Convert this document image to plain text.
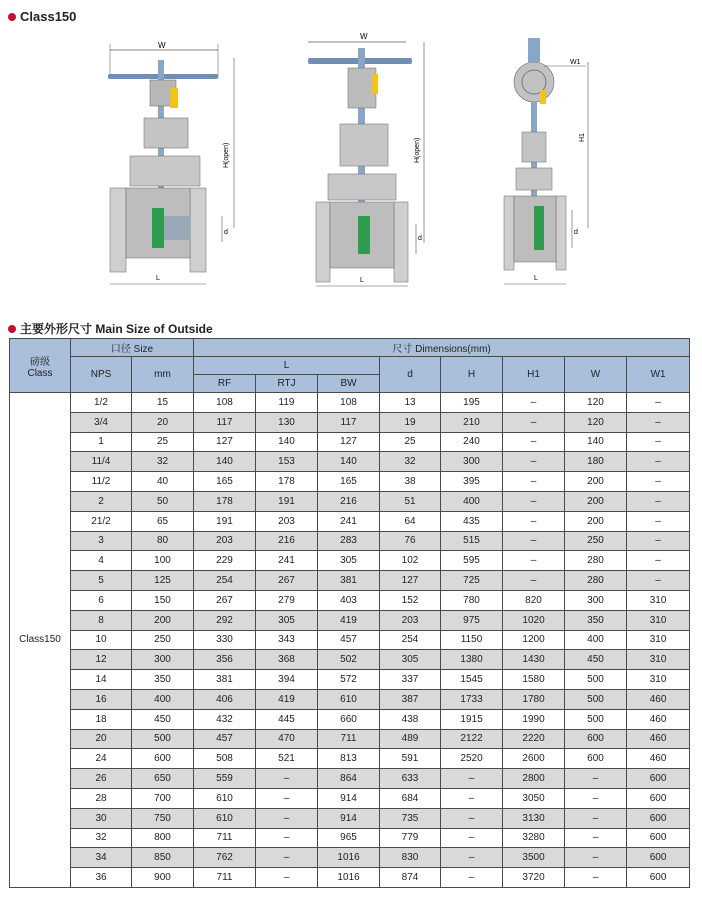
Class150
W
H(open)
d
L
W
H(open)
d
L
W1
H1
d
L
主要外形尺寸 Main Size of Outside
磅级
Class	口径 Size		尺寸 Dimensions(mm)							
	NPS	mm	L			d	H	H1	W	W1
			RF	RTJ	BW					
Class150	1/2	15	108	119	108	13	195	–	120	–
	3/4	20	117	130	117	19	210	–	120	–
	1	25	127	140	127	25	240	–	140	–
	11/4	32	140	153	140	32	300	–	180	–
	11/2	40	165	178	165	38	395	–	200	–
	2	50	178	191	216	51	400	–	200	–
	21/2	65	191	203	241	64	435	–	200	–
	3	80	203	216	283	76	515	–	250	–
	4	100	229	241	305	102	595	–	280	–
	5	125	254	267	381	127	725	–	280	–
	6	150	267	279	403	152	780	820	300	310
	8	200	292	305	419	203	975	1020	350	310
	10	250	330	343	457	254	1150	1200	400	310
	12	300	356	368	502	305	1380	1430	450	310
	14	350	381	394	572	337	1545	1580	500	310
	16	400	406	419	610	387	1733	1780	500	460
	18	450	432	445	660	438	1915	1990	500	460
	20	500	457	470	711	489	2122	2220	600	460
	24	600	508	521	813	591	2520	2600	600	460
	26	650	559	–	864	633	–	2800	–	600
	28	700	610	–	914	684	–	3050	–	600
	30	750	610	–	914	735	–	3130	–	600
	32	800	711	–	965	779	–	3280	–	600
	34	850	762	–	1016	830	–	3500	–	600
	36	900	711	–	1016	874	–	3720	–	600
